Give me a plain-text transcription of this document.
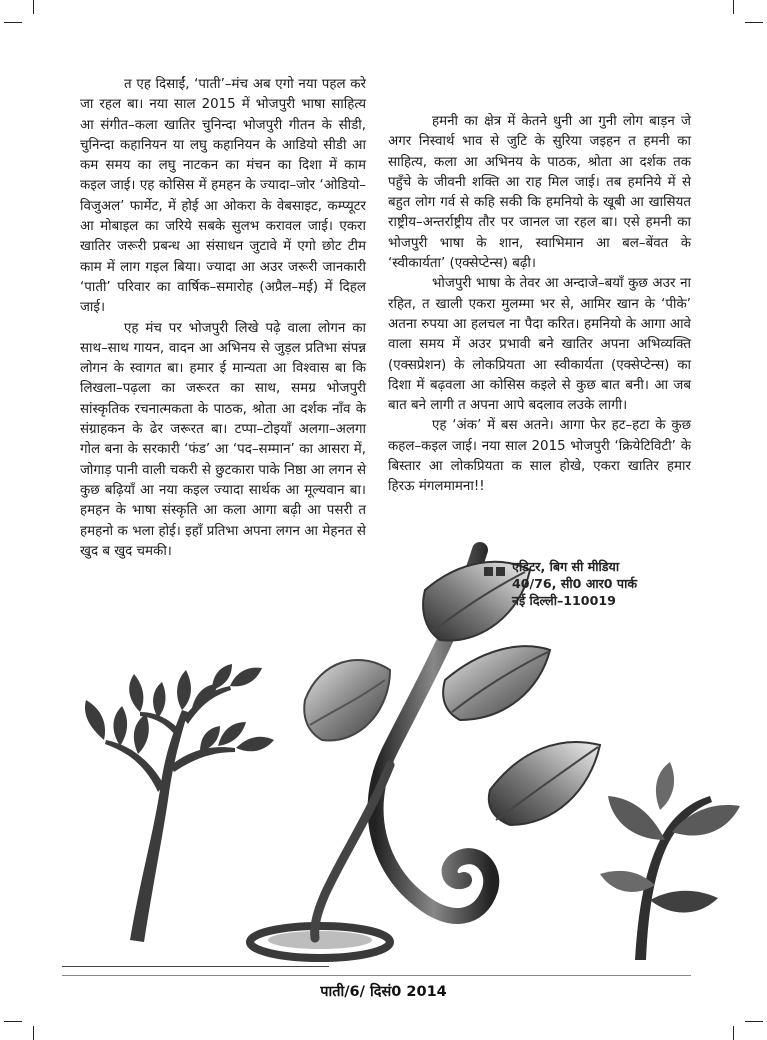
त एह दिसाईं, ‘पाती’–मंच अब एगो नया पहल करे जा रहल बा। नया साल 2015 में भोजपुरी भाषा साहित्य आ संगीत–कला खातिर चुनिन्दा भोजपुरी गीतन के सीडी, चुनिन्दा कहानियन या लघु कहानियन के आडियो सीडी आ कम समय का लघु नाटकन का मंचन का दिशा में काम कइल जाई। एह कोसिस में हमहन के ज्यादा–जोर ‘ओडियो–विजुअल’ फार्मेट, में होई आ ओकरा के वेबसाइट, कम्प्यूटर आ मोबाइल का जरिये सबके सुलभ करावल जाई। एकरा खातिर जरूरी प्रबन्ध आ संसाधन जुटावे में एगो छोट टीम काम में लाग गइल बिया। ज्यादा आ अउर जरूरी जानकारी ‘पाती’ परिवार का वार्षिक–समारोह (अप्रैल–मई) में दिहल जाई।

एह मंच पर भोजपुरी लिखे पढ़े वाला लोगन का साथ–साथ गायन, वादन आ अभिनय से जुड़ल प्रतिभा संपन्न लोगन के स्वागत बा। हमार ई मान्यता आ विश्वास बा कि लिखला–पढ़ला का जरूरत का साथ, समग्र भोजपुरी सांस्कृतिक रचनात्मकता के पाठक, श्रोता आ दर्शक नाँव के संग्राहकन के ढेर जरूरत बा। टप्पा–टोइयाँ अलगा–अलगा गोल बना के सरकारी ‘फंड’ आ ‘पद–सम्मान’ का आसरा में, जोगाड़ पानी वाली चकरी से छुटकारा पाके निष्ठा आ लगन से कुछ बढ़ियाँ आ नया कइल ज्यादा सार्थक आ मूल्यवान बा। हमहन के भाषा संस्कृति आ कला आगा बढ़ी आ पसरी त हमहनो क भला होई। इहाँ प्रतिभा अपना लगन आ मेहनत से खुद ब खुद चमकी।

हमनी का क्षेत्र में केतने धुनी आ गुनी लोग बाड़न जे अगर निस्वार्थ भाव से जुटि के सुरिया जइहन त हमनी का साहित्य, कला आ अभिनय के पाठक, श्रोता आ दर्शक तक पहुँचे के जीवनी शक्ति आ राह मिल जाई। तब हमनिये में से बहुत लोग गर्व से कहि सकी कि हमनियो के खूबी आ खासियत राष्ट्रीय–अन्तर्राष्ट्रीय तौर पर जानल जा रहल बा। एसे हमनी का भोजपुरी भाषा के शान, स्वाभिमान आ बल–बेंवत के ‘स्वीकार्यता’ (एक्सेप्टेन्स) बढ़ी।

भोजपुरी भाषा के तेवर आ अन्दाजे–बयाँ कुछ अउर ना रहित, त खाली एकरा मुलम्मा भर से, आमिर खान के ‘पीके’ अतना रुपया आ हलचल ना पैदा करित। हमनियो के आगा आवे वाला समय में अउर प्रभावी बने खातिर अपना अभिव्यक्ति (एक्सप्रेशन) के लोकप्रियता आ स्वीकार्यता (एक्सेप्टेन्स) का दिशा में बढ़वला आ कोसिस कइले से कुछ बात बनी। आ जब बात बने लागी त अपना आपे बदलाव लउके लागी।

एह ‘अंक’ में बस अतने। आगा फेर हट–हटा के कुछ कहल–कइल जाई। नया साल 2015 भोजपुरी ‘क्रियेटिविटी’ के बिस्तार आ लोकप्रियता क साल होखे, एकरा खातिर हमार हिरऊ मंगलमामना!!

एडिटर, बिग सी मीडिया
40/76, सी0 आर0 पार्क
नई दिल्ली–110019
पाती/6/ दिसं0 2014
